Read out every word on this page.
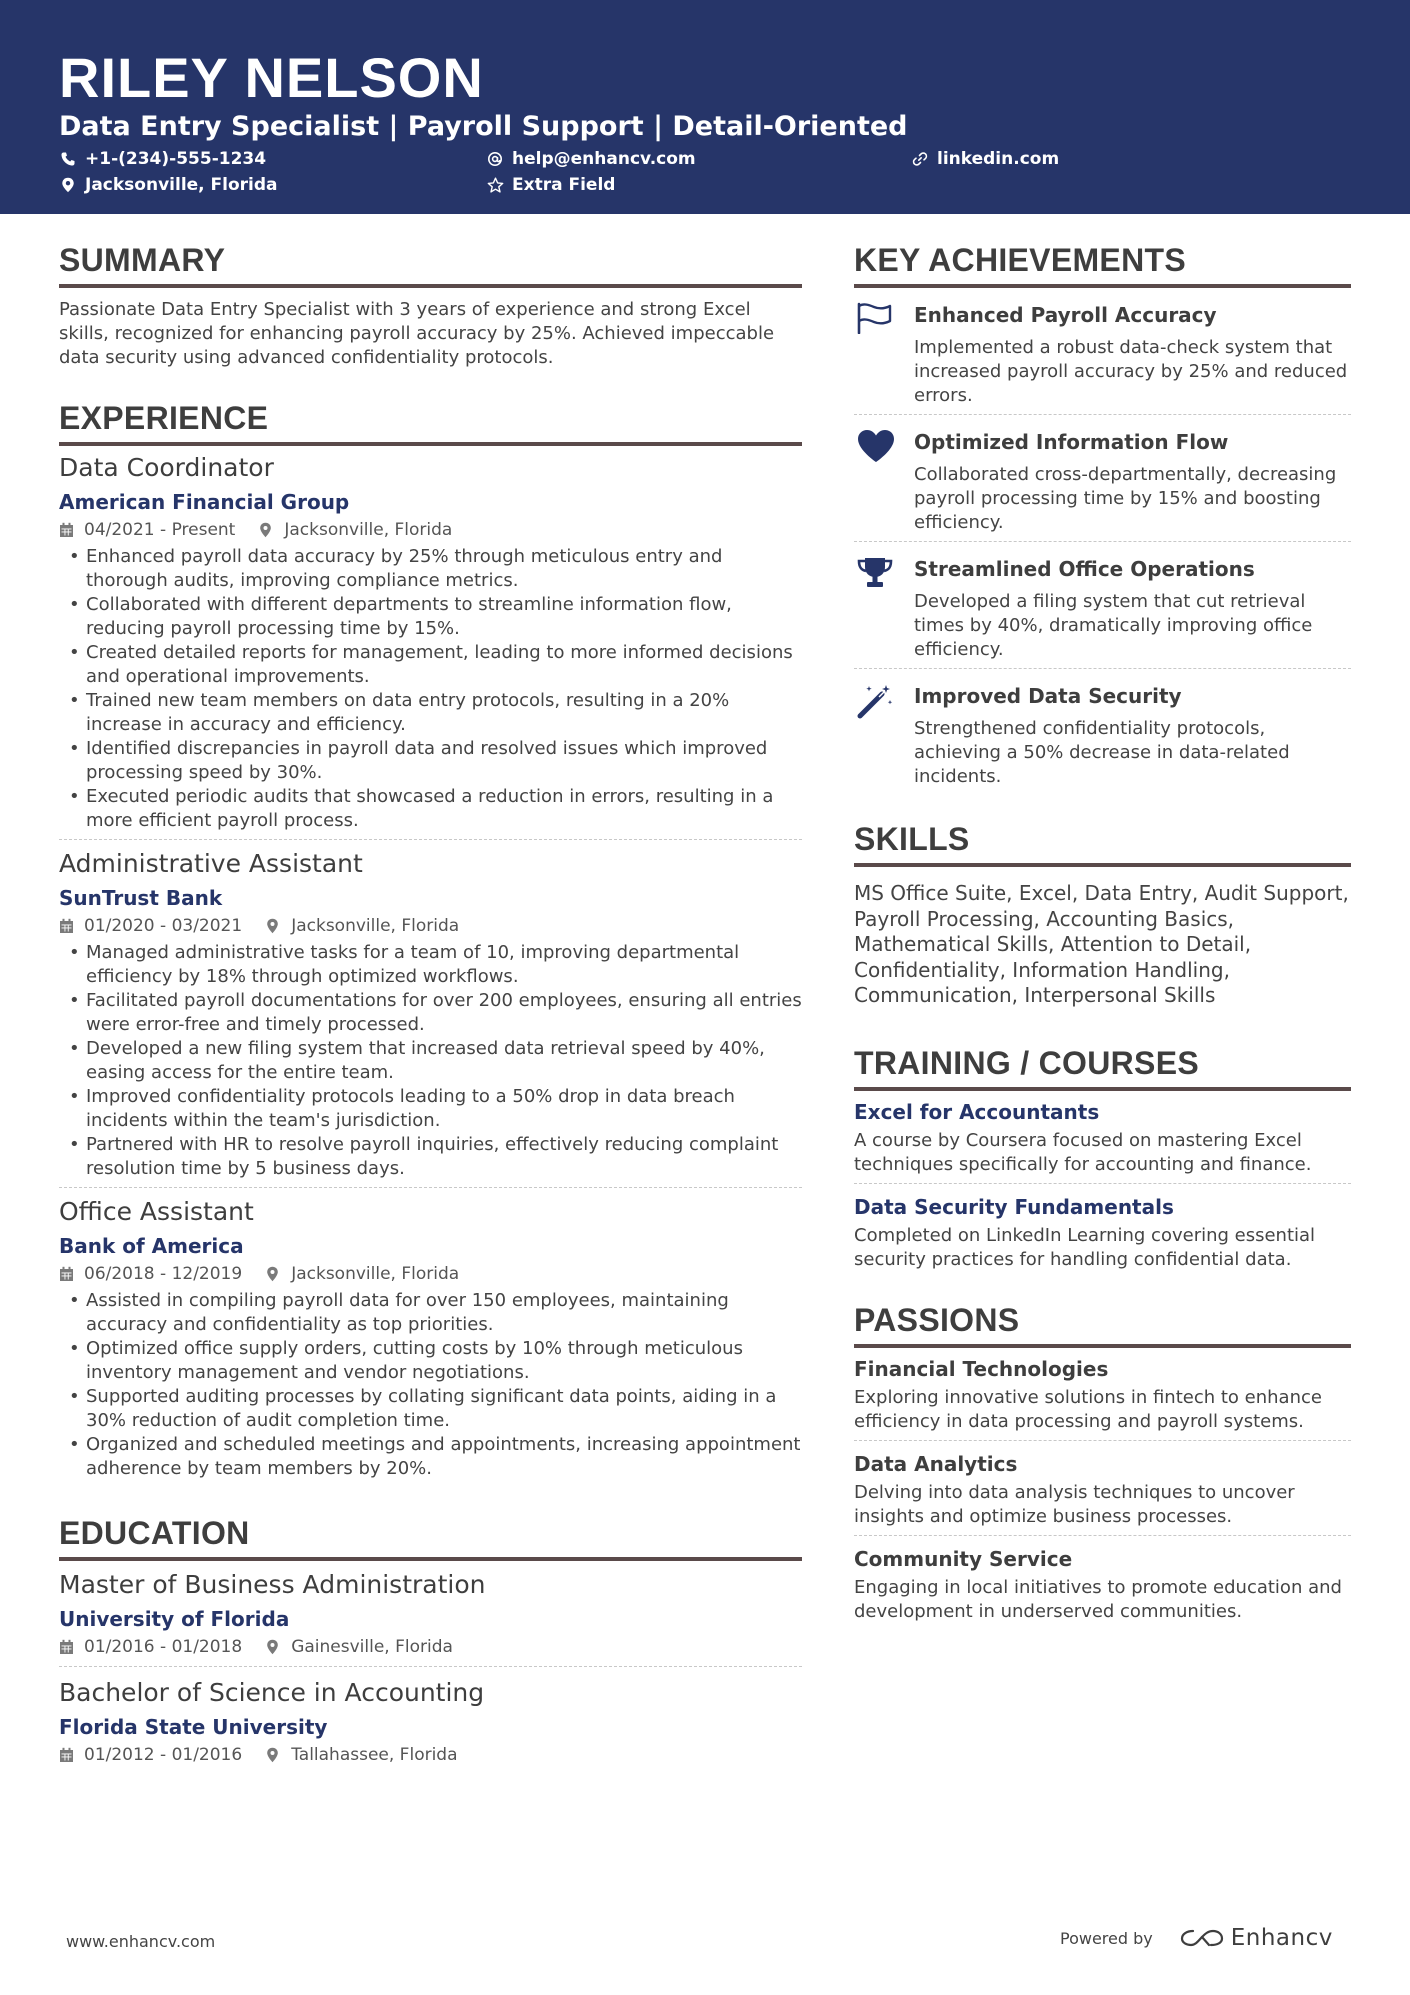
RILEY NELSON
Data Entry Specialist | Payroll Support | Detail-Oriented
+1-(234)-555-1234	help@enhancv.com	linkedin.com
Jacksonville, Florida	Extra Field
SUMMARY

Passionate Data Entry Specialist with 3 years of experience and strong Excel skills, recognized for enhancing payroll accuracy by 25%. Achieved impeccable data security using advanced confidentiality protocols.

EXPERIENCE
Data Coordinator
American Financial Group
04/2021 - Present	Jacksonville, Florida
• Enhanced payroll data accuracy by 25% through meticulous entry and thorough audits, improving compliance metrics.
• Collaborated with different departments to streamline information flow, reducing payroll processing time by 15%.
• Created detailed reports for management, leading to more informed decisions and operational improvements.
• Trained new team members on data entry protocols, resulting in a 20% increase in accuracy and efficiency.
• Identified discrepancies in payroll data and resolved issues which improved processing speed by 30%.
• Executed periodic audits that showcased a reduction in errors, resulting in a more efficient payroll process.
Administrative Assistant
SunTrust Bank
01/2020 - 03/2021	Jacksonville, Florida
• Managed administrative tasks for a team of 10, improving departmental efficiency by 18% through optimized workflows.
• Facilitated payroll documentations for over 200 employees, ensuring all entries were error-free and timely processed.
• Developed a new filing system that increased data retrieval speed by 40%, easing access for the entire team.
• Improved confidentiality protocols leading to a 50% drop in data breach incidents within the team's jurisdiction.
• Partnered with HR to resolve payroll inquiries, effectively reducing complaint resolution time by 5 business days.
Office Assistant
Bank of America
06/2018 - 12/2019	Jacksonville, Florida
• Assisted in compiling payroll data for over 150 employees, maintaining accuracy and confidentiality as top priorities.
• Optimized office supply orders, cutting costs by 10% through meticulous inventory management and vendor negotiations.
• Supported auditing processes by collating significant data points, aiding in a 30% reduction of audit completion time.
• Organized and scheduled meetings and appointments, increasing appointment adherence by team members by 20%.
EDUCATION
Master of Business Administration
University of Florida
01/2016 - 01/2018	Gainesville, Florida
Bachelor of Science in Accounting
Florida State University
01/2012 - 01/2016	Tallahassee, Florida
KEY ACHIEVEMENTS
Enhanced Payroll Accuracy
Implemented a robust data-check system that increased payroll accuracy by 25% and reduced errors.
Optimized Information Flow
Collaborated cross-departmentally, decreasing payroll processing time by 15% and boosting efficiency.
Streamlined Office Operations
Developed a filing system that cut retrieval times by 40%, dramatically improving office efficiency.
Improved Data Security
Strengthened confidentiality protocols, achieving a 50% decrease in data-related incidents.
SKILLS

MS Office Suite, Excel, Data Entry, Audit Support, Payroll Processing, Accounting Basics, Mathematical Skills, Attention to Detail, Confidentiality, Information Handling, Communication, Interpersonal Skills

TRAINING / COURSES
Excel for Accountants
A course by Coursera focused on mastering Excel techniques specifically for accounting and finance.
Data Security Fundamentals
Completed on LinkedIn Learning covering essential security practices for handling confidential data.
PASSIONS
Financial Technologies
Exploring innovative solutions in fintech to enhance efficiency in data processing and payroll systems.
Data Analytics
Delving into data analysis techniques to uncover insights and optimize business processes.
Community Service
Engaging in local initiatives to promote education and development in underserved communities.
www.enhancv.com	Powered by	Enhancv
